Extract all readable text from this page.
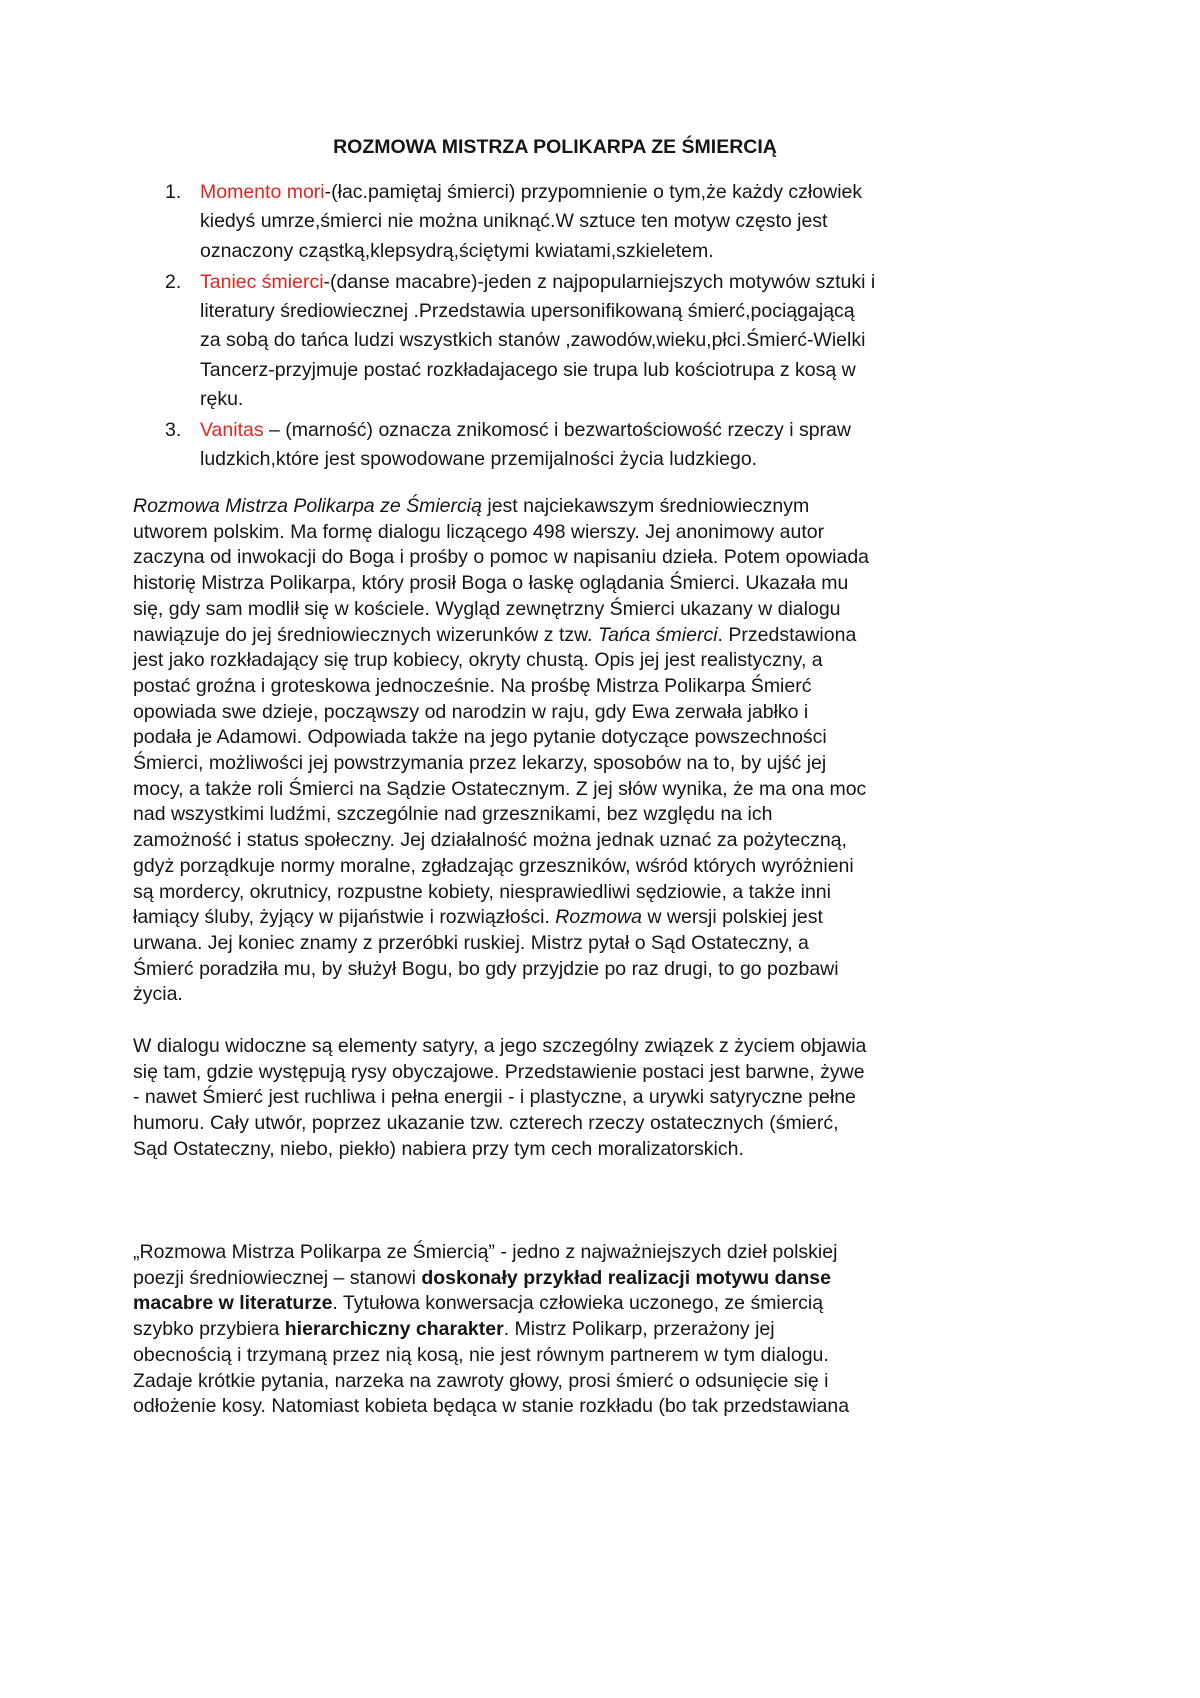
ROZMOWA MISTRZA POLIKARPA ZE ŚMIERCIĄ
1. Momento mori-(łac.pamiętaj śmierci) przypomnienie o tym,że każdy człowiek
kiedyś umrze,śmierci nie można uniknąć.W sztuce ten motyw często jest
oznaczony cząstką,klepsydrą,ściętymi kwiatami,szkieletem.
2. Taniec śmierci-(danse macabre)-jeden z najpopularniejszych motywów sztuki i
literatury średiowiecznej .Przedstawia upersonifikowaną śmierć,pociągającą
za sobą do tańca ludzi wszystkich stanów ,zawodów,wieku,płci.Śmierć-Wielki
Tancerz-przyjmuje postać rozkładajacego sie trupa lub kościotrupa z kosą w
ręku.
3. Vanitas – (marność) oznacza znikomosć i bezwartościowość rzeczy i spraw
ludzkich,które jest spowodowane przemijalności życia ludzkiego.
Rozmowa Mistrza Polikarpa ze Śmiercią jest najciekawszym średniowiecznym
utworem polskim. Ma formę dialogu liczącego 498 wierszy. Jej anonimowy autor
zaczyna od inwokacji do Boga i prośby o pomoc w napisaniu dzieła. Potem opowiada
historię Mistrza Polikarpa, który prosił Boga o łaskę oglądania Śmierci. Ukazała mu
się, gdy sam modlił się w kościele. Wygląd zewnętrzny Śmierci ukazany w dialogu
nawiązuje do jej średniowiecznych wizerunków z tzw. Tańca śmierci. Przedstawiona
jest jako rozkładający się trup kobiecy, okryty chustą. Opis jej jest realistyczny, a
postać groźna i groteskowa jednocześnie. Na prośbę Mistrza Polikarpa Śmierć
opowiada swe dzieje, począwszy od narodzin w raju, gdy Ewa zerwała jabłko i
podała je Adamowi. Odpowiada także na jego pytanie dotyczące powszechności
Śmierci, możliwości jej powstrzymania przez lekarzy, sposobów na to, by ujść jej
mocy, a także roli Śmierci na Sądzie Ostatecznym. Z jej słów wynika, że ma ona moc
nad wszystkimi ludźmi, szczególnie nad grzesznikami, bez względu na ich
zamożność i status społeczny. Jej działalność można jednak uznać za pożyteczną,
gdyż porządkuje normy moralne, zgładzając grzeszników, wśród których wyróżnieni
są mordercy, okrutnicy, rozpustne kobiety, niesprawiedliwi sędziowie, a także inni
łamiący śluby, żyjący w pijaństwie i rozwiązłości. Rozmowa w wersji polskiej jest
urwana. Jej koniec znamy z przeróbki ruskiej. Mistrz pytał o Sąd Ostateczny, a
Śmierć poradziła mu, by służył Bogu, bo gdy przyjdzie po raz drugi, to go pozbawi
życia.
W dialogu widoczne są elementy satyry, a jego szczególny związek z życiem objawia
się tam, gdzie występują rysy obyczajowe. Przedstawienie postaci jest barwne, żywe
- nawet Śmierć jest ruchliwa i pełna energii - i plastyczne, a urywki satyryczne pełne
humoru. Cały utwór, poprzez ukazanie tzw. czterech rzeczy ostatecznych (śmierć,
Sąd Ostateczny, niebo, piekło) nabiera przy tym cech moralizatorskich.
„Rozmowa Mistrza Polikarpa ze Śmiercią” - jedno z najważniejszych dzieł polskiej
poezji średniowiecznej – stanowi doskonały przykład realizacji motywu danse
macabre w literaturze. Tytułowa konwersacja człowieka uczonego, ze śmiercią
szybko przybiera hierarchiczny charakter. Mistrz Polikarp, przerażony jej
obecnością i trzymaną przez nią kosą, nie jest równym partnerem w tym dialogu.
Zadaje krótkie pytania, narzeka na zawroty głowy, prosi śmierć o odsunięcie się i
odłożenie kosy. Natomiast kobieta będąca w stanie rozkładu (bo tak przedstawiana
